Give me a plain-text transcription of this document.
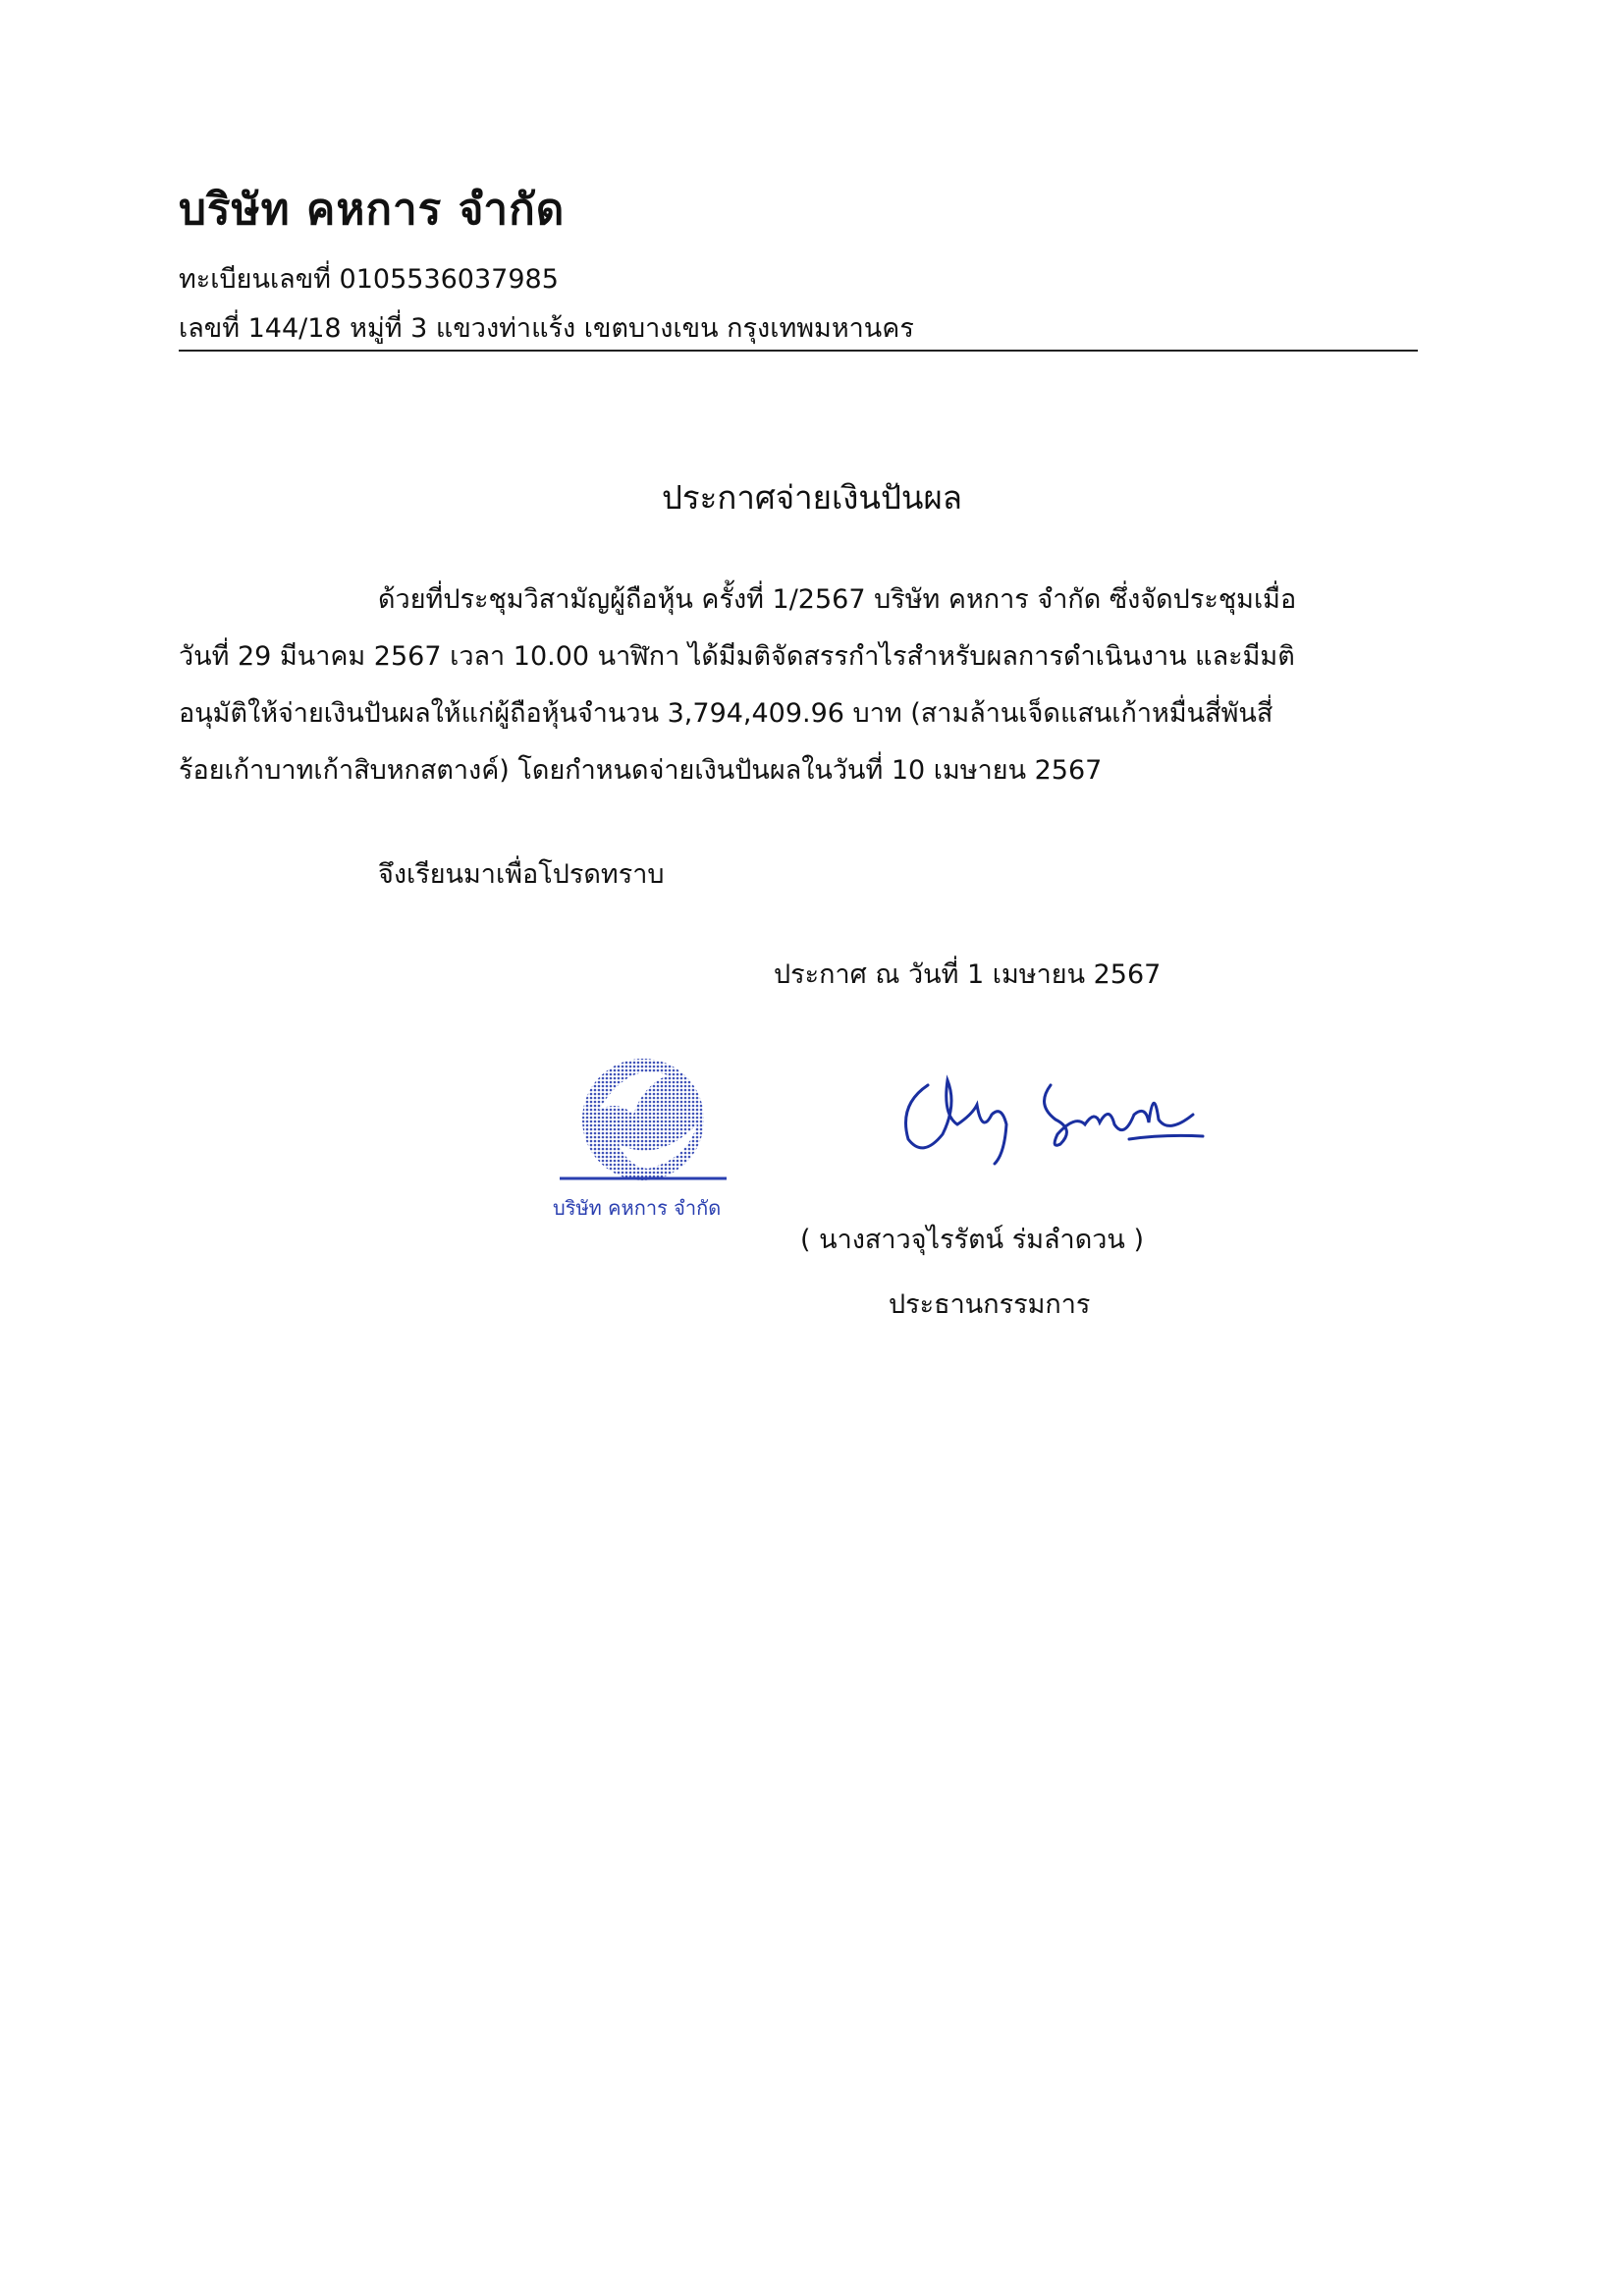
บริษัท คหการ จำกัด
ทะเบียนเลขที่ 0105536037985
เลขที่ 144/18 หมู่ที่ 3 แขวงท่าแร้ง เขตบางเขน กรุงเทพมหานคร
ประกาศจ่ายเงินปันผล
ด้วยที่ประชุมวิสามัญผู้ถือหุ้น ครั้งที่ 1/2567 บริษัท คหการ จำกัด ซึ่งจัดประชุมเมื่อ
วันที่ 29 มีนาคม 2567 เวลา 10.00 นาฬิกา ได้มีมติจัดสรรกำไรสำหรับผลการดำเนินงาน และมีมติ
อนุมัติให้จ่ายเงินปันผลให้แก่ผู้ถือหุ้นจำนวน 3,794,409.96 บาท (สามล้านเจ็ดแสนเก้าหมื่นสี่พันสี่
ร้อยเก้าบาทเก้าสิบหกสตางค์) โดยกำหนดจ่ายเงินปันผลในวันที่ 10 เมษายน 2567
จึงเรียนมาเพื่อโปรดทราบ
ประกาศ ณ วันที่ 1 เมษายน 2567
บริษัท คหการ จำกัด
( นางสาวจุไรรัตน์ ร่มลำดวน )
ประธานกรรมการ
